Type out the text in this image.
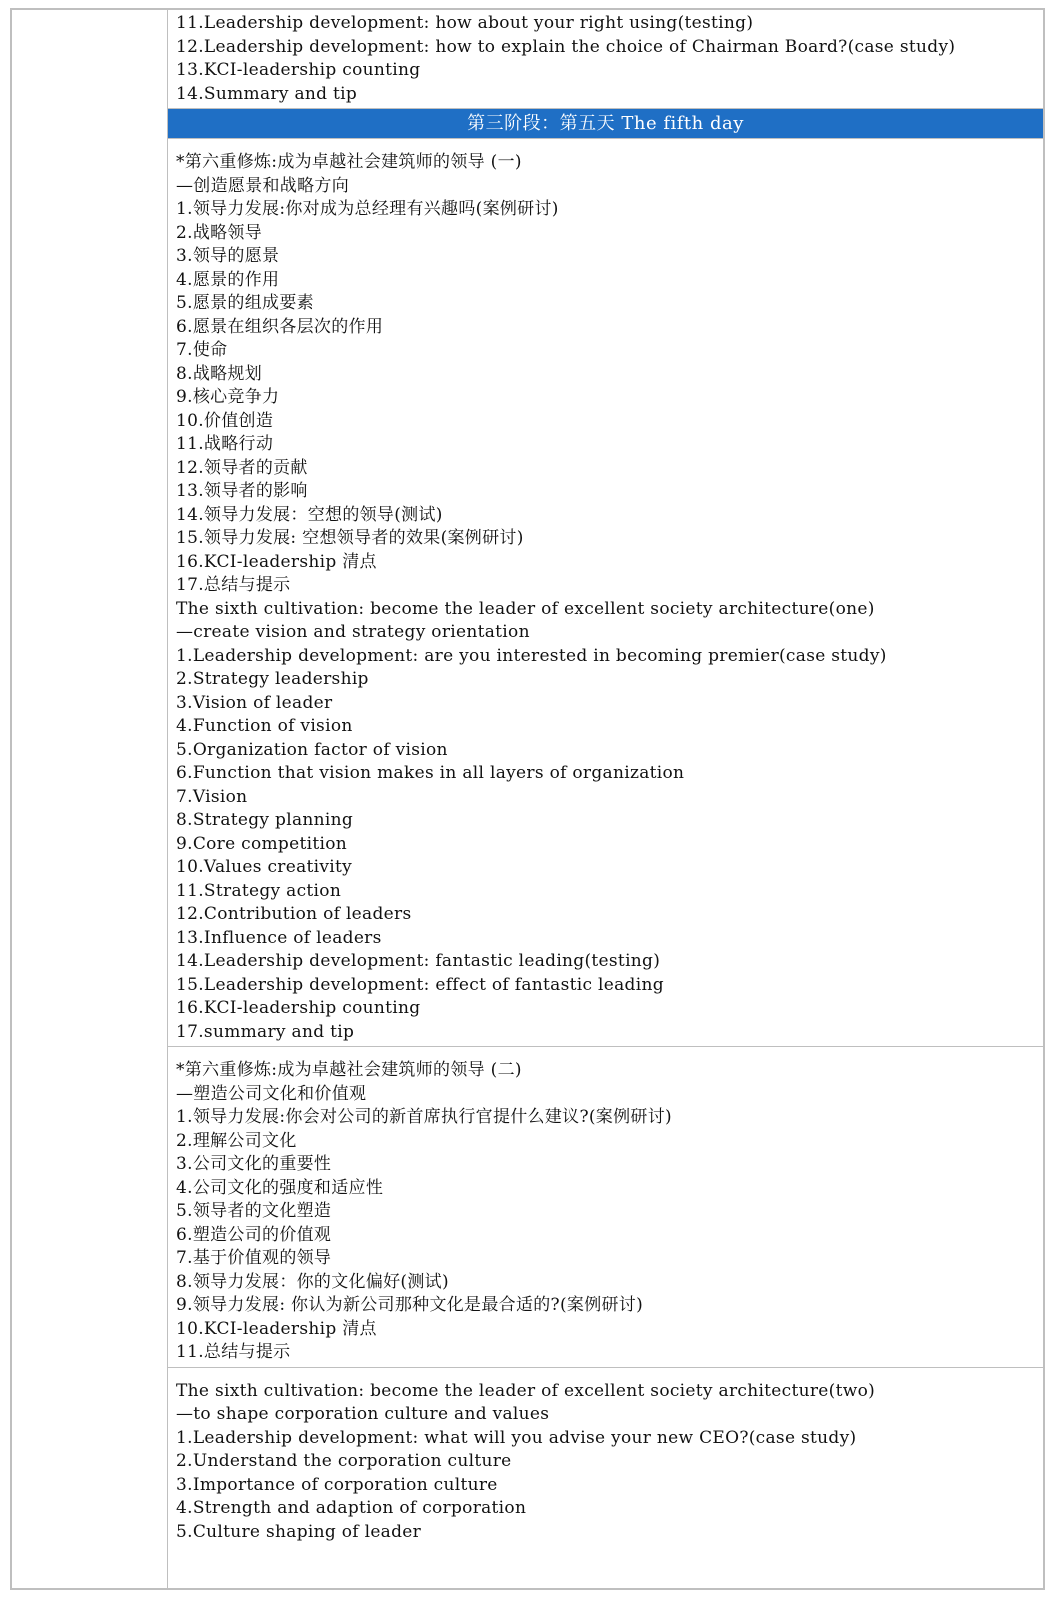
11.Leadership development: how about your right using(testing)
12.Leadership development: how to explain the choice of Chairman Board?(case study)
13.KCI-leadership counting
14.Summary and tip
第三阶段：第五天 The fifth day
*第六重修炼:成为卓越社会建筑师的领导 (一)
—创造愿景和战略方向
1.领导力发展:你对成为总经理有兴趣吗(案例研讨)
2.战略领导
3.领导的愿景
4.愿景的作用
5.愿景的组成要素
6.愿景在组织各层次的作用
7.使命
8.战略规划
9.核心竞争力
10.价值创造
11.战略行动
12.领导者的贡献
13.领导者的影响
14.领导力发展：空想的领导(测试)
15.领导力发展: 空想领导者的效果(案例研讨)
16.KCI-leadership 清点
17.总结与提示
The sixth cultivation: become the leader of excellent society architecture(one)
—create vision and strategy orientation
1.Leadership development: are you interested in becoming premier(case study)
2.Strategy leadership
3.Vision of leader
4.Function of vision
5.Organization factor of vision
6.Function that vision makes in all layers of organization
7.Vision
8.Strategy planning
9.Core competition
10.Values creativity
11.Strategy action
12.Contribution of leaders
13.Influence of leaders
14.Leadership development: fantastic leading(testing)
15.Leadership development: effect of fantastic leading
16.KCI-leadership counting
17.summary and tip
*第六重修炼:成为卓越社会建筑师的领导 (二)
—塑造公司文化和价值观
1.领导力发展:你会对公司的新首席执行官提什么建议?(案例研讨)
2.理解公司文化
3.公司文化的重要性
4.公司文化的强度和适应性
5.领导者的文化塑造
6.塑造公司的价值观
7.基于价值观的领导
8.领导力发展：你的文化偏好(测试)
9.领导力发展: 你认为新公司那种文化是最合适的?(案例研讨)
10.KCI-leadership 清点
11.总结与提示
The sixth cultivation: become the leader of excellent society architecture(two)
—to shape corporation culture and values
1.Leadership development: what will you advise your new CEO?(case study)
2.Understand the corporation culture
3.Importance of corporation culture
4.Strength and adaption of corporation
5.Culture shaping of leader
